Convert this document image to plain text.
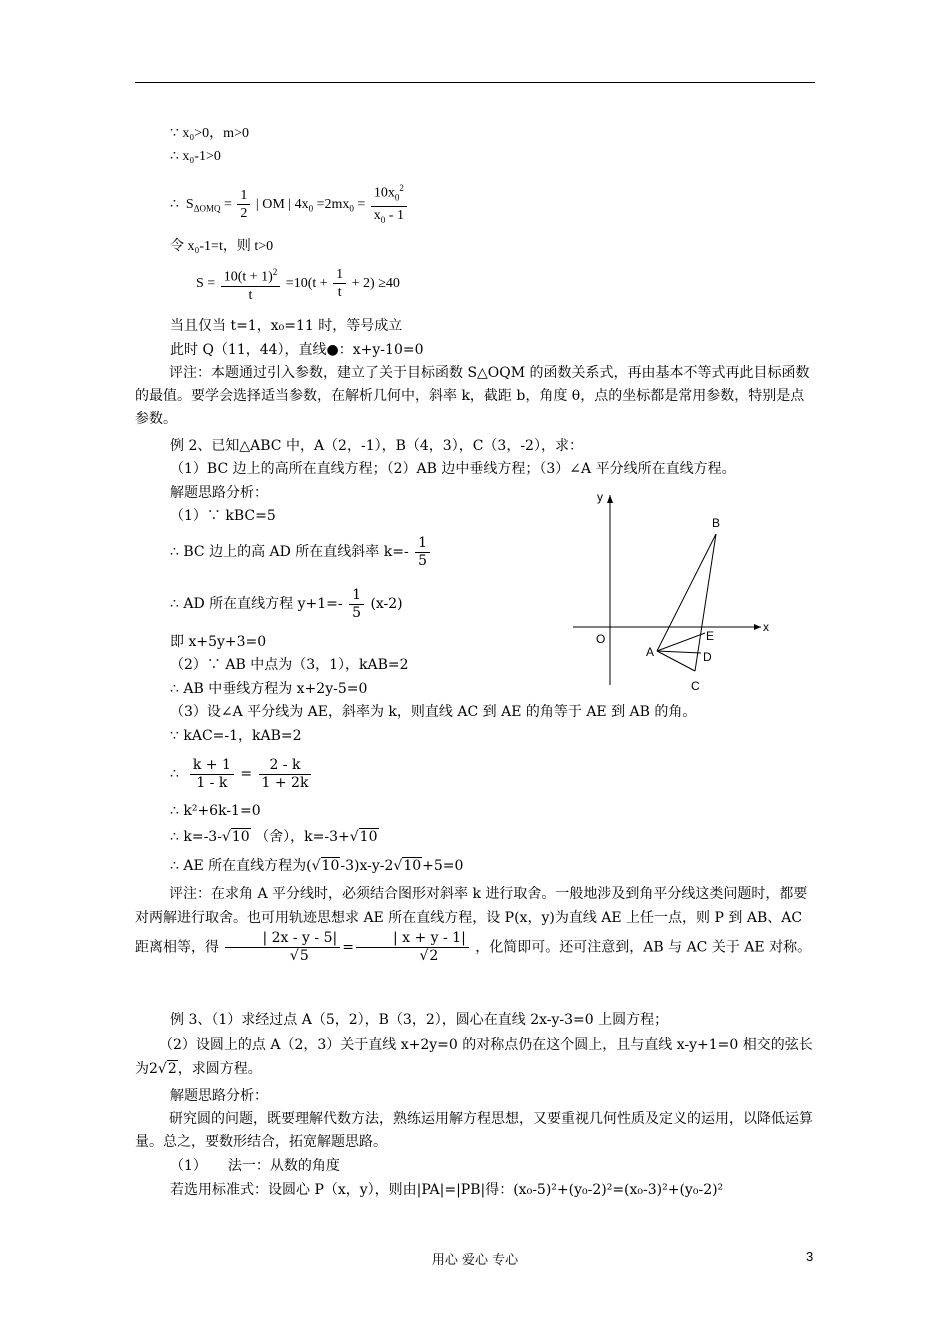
∵ x₀>0，m>0
∴ x₀-1>0
∴ $S_{\Delta OMQ} = \frac{1}{2}$ | OM | $4x_0 =2mx_0 = \frac{10x_0^2}{x_0 - 1}$
令 x₀-1=t，则 t>0
$S = \frac{10(t + 1)^2}{t} =10(t + \frac{1}{t} + 2) \ge 40$
当且仅当 t=1，x₀=11 时，等号成立
此时 Q（11，44），直线●：x+y-10=0
评注：本题通过引入参数，建立了关于目标函数 S△OQM 的函数关系式，再由基本不等式再此目标函数的最值。要学会选择适当参数，在解析几何中，斜率 k，截距 b，角度 θ，点的坐标都是常用参数，特别是点参数。
例 2、已知△ABC 中，A（2，-1），B（4，3），C（3，-2），求：
（1）BC 边上的高所在直线方程；（2）AB 边中垂线方程；（3）∠A 平分线所在直线方程。
解题思路分析：
（1）∵ kBC=5
∴ BC 边上的高 AD 所在直线斜率 $k=- \frac{1}{5}$
∴ AD 所在直线方程 $y+1=- \frac{1}{5} (x-2)$
即 x+5y+3=0
（2）∵ AB 中点为（3，1），kAB=2
∴ AB 中垂线方程为 x+2y-5=0
（3）设∠A 平分线为 AE，斜率为 k，则直线 AC 到 AE 的角等于 AE 到 AB 的角。
∵ kAC=-1，kAB=2
∴ $\frac{k + 1}{1 - k} = \frac{2 - k}{1 + 2k}$
∴ k²+6k-1=0
∴ k=-3-√10 （舍），k=-3+√10
∴ AE 所在直线方程为(√10-3)x-y-2√10+5=0
评注：在求角 A 平分线时，必须结合图形对斜率 k 进行取舍。一般地涉及到角平分线这类问题时，都要对两解进行取舍。也可用轨迹思想求 AE 所在直线方程，设 P(x，y)为直线 AE 上任一点，则 P 到 AB、AC 距离相等，得 $\frac{| 2x - y - 5|}{√5} = \frac{| x + y - 1|}{√2}$ ，化简即可。还可注意到，AB 与 AC 关于 AE 对称。
例 3、（1）求经过点 A（5，2），B（3，2），圆心在直线 2x-y-3=0 上圆方程；
（2）设圆上的点 A（2，3）关于直线 x+2y=0 的对称点仍在这个圆上，且与直线 x-y+1=0 相交的弦长为2√2，求圆方程。
解题思路分析：
研究圆的问题，既要理解代数方法，熟练运用解方程思想，又要重视几何性质及定义的运用，以降低运算量。总之，要数形结合，拓宽解题思路。
（1）　　法一：从数的角度
若选用标准式：设圆心 P（x，y），则由|PA|=|PB|得：(x₀-5)²+(y₀-2)²=(x₀-3)²+(y₀-2)²
y
x
O
A
B
C
D
E
用心 爱心 专心	3
